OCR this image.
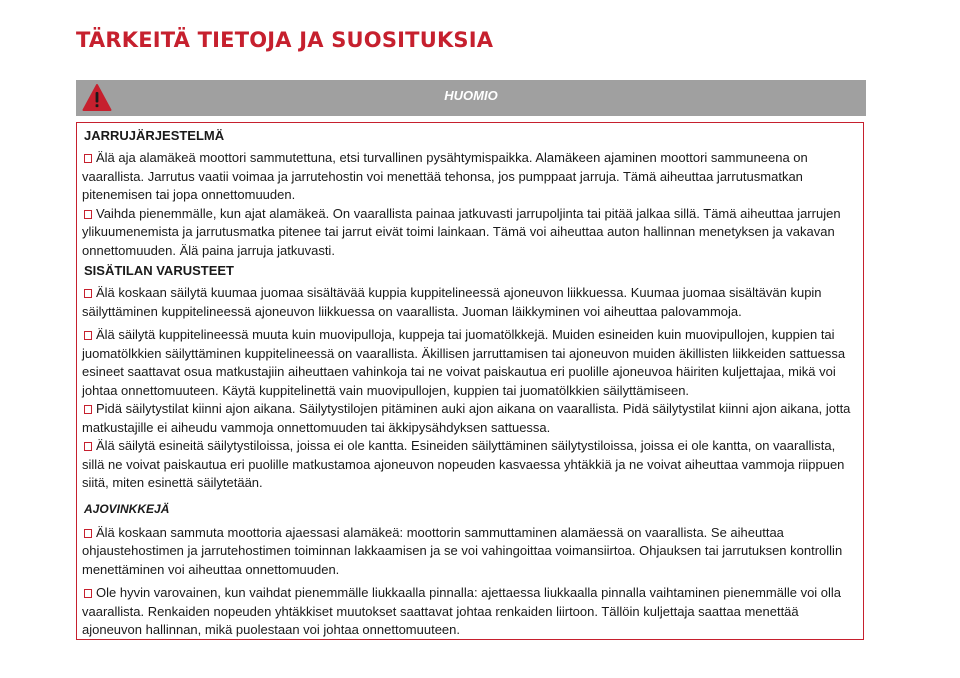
TÄRKEITÄ TIETOJA JA SUOSITUKSIA
HUOMIO
JARRUJÄRJESTELMÄ

Älä aja alamäkeä moottori sammutettuna, etsi turvallinen pysähtymispaikka. Alamäkeen ajaminen moottori sammuneena on vaarallista. Jarrutus vaatii voimaa ja jarrutehostin voi menettää tehonsa, jos pumppaat jarruja. Tämä aiheuttaa jarrutusmatkan pitenemisen tai jopa onnettomuuden.

Vaihda pienemmälle, kun ajat alamäkeä. On vaarallista painaa jatkuvasti jarrupoljinta tai pitää jalkaa sillä. Tämä aiheuttaa jarrujen ylikuumenemista ja jarrutusmatka pitenee tai jarrut eivät toimi lainkaan. Tämä voi aiheuttaa auton hallinnan menetyksen ja vakavan onnettomuuden. Älä paina jarruja jatkuvasti.

SISÄTILAN VARUSTEET

Älä koskaan säilytä kuumaa juomaa sisältävää kuppia kuppitelineessä ajoneuvon liikkuessa. Kuumaa juomaa sisältävän kupin säilyttäminen kuppitelineessä ajoneuvon liikkuessa on vaarallista. Juoman läikkyminen voi aiheuttaa palovammoja.

Älä säilytä kuppitelineessä muuta kuin muovipulloja, kuppeja tai juomatölkkejä. Muiden esineiden kuin muovipullojen, kuppien tai juomatölkkien säilyttäminen kuppitelineessä on vaarallista. Äkillisen jarruttamisen tai ajoneuvon muiden äkillisten liikkeiden sattuessa esineet saattavat osua matkustajiin aiheuttaen vahinkoja tai ne voivat paiskautua eri puolille ajoneuvoa häiriten kuljettajaa, mikä voi johtaa onnettomuuteen. Käytä kuppitelinettä vain muovipullojen, kuppien tai juomatölkkien säilyttämiseen.

Pidä säilytystilat kiinni ajon aikana. Säilytystilojen pitäminen auki ajon aikana on vaarallista. Pidä säilytystilat kiinni ajon aikana, jotta matkustajille ei aiheudu vammoja onnettomuuden tai äkkipysähdyksen sattuessa.

Älä säilytä esineitä säilytystiloissa, joissa ei ole kantta. Esineiden säilyttäminen säilytystiloissa, joissa ei ole kantta, on vaarallista, sillä ne voivat paiskautua eri puolille matkustamoa ajoneuvon nopeuden kasvaessa yhtäkkiä ja ne voivat aiheuttaa vammoja riippuen siitä, miten esinettä säilytetään.

AJOVINKKEJÄ

Älä koskaan sammuta moottoria ajaessasi alamäkeä: moottorin sammuttaminen alamäessä on vaarallista. Se aiheuttaa ohjaustehostimen ja jarrutehostimen toiminnan lakkaamisen ja se voi vahingoittaa voimansiirtoa. Ohjauksen tai jarrutuksen kontrollin menettäminen voi aiheuttaa onnettomuuden.

Ole hyvin varovainen, kun vaihdat pienemmälle liukkaalla pinnalla: ajettaessa liukkaalla pinnalla vaihtaminen pienemmälle voi olla vaarallista. Renkaiden nopeuden yhtäkkiset muutokset saattavat johtaa renkaiden liirtoon. Tällöin kuljettaja saattaa menettää ajoneuvon hallinnan, mikä puolestaan voi johtaa onnettomuuteen.
